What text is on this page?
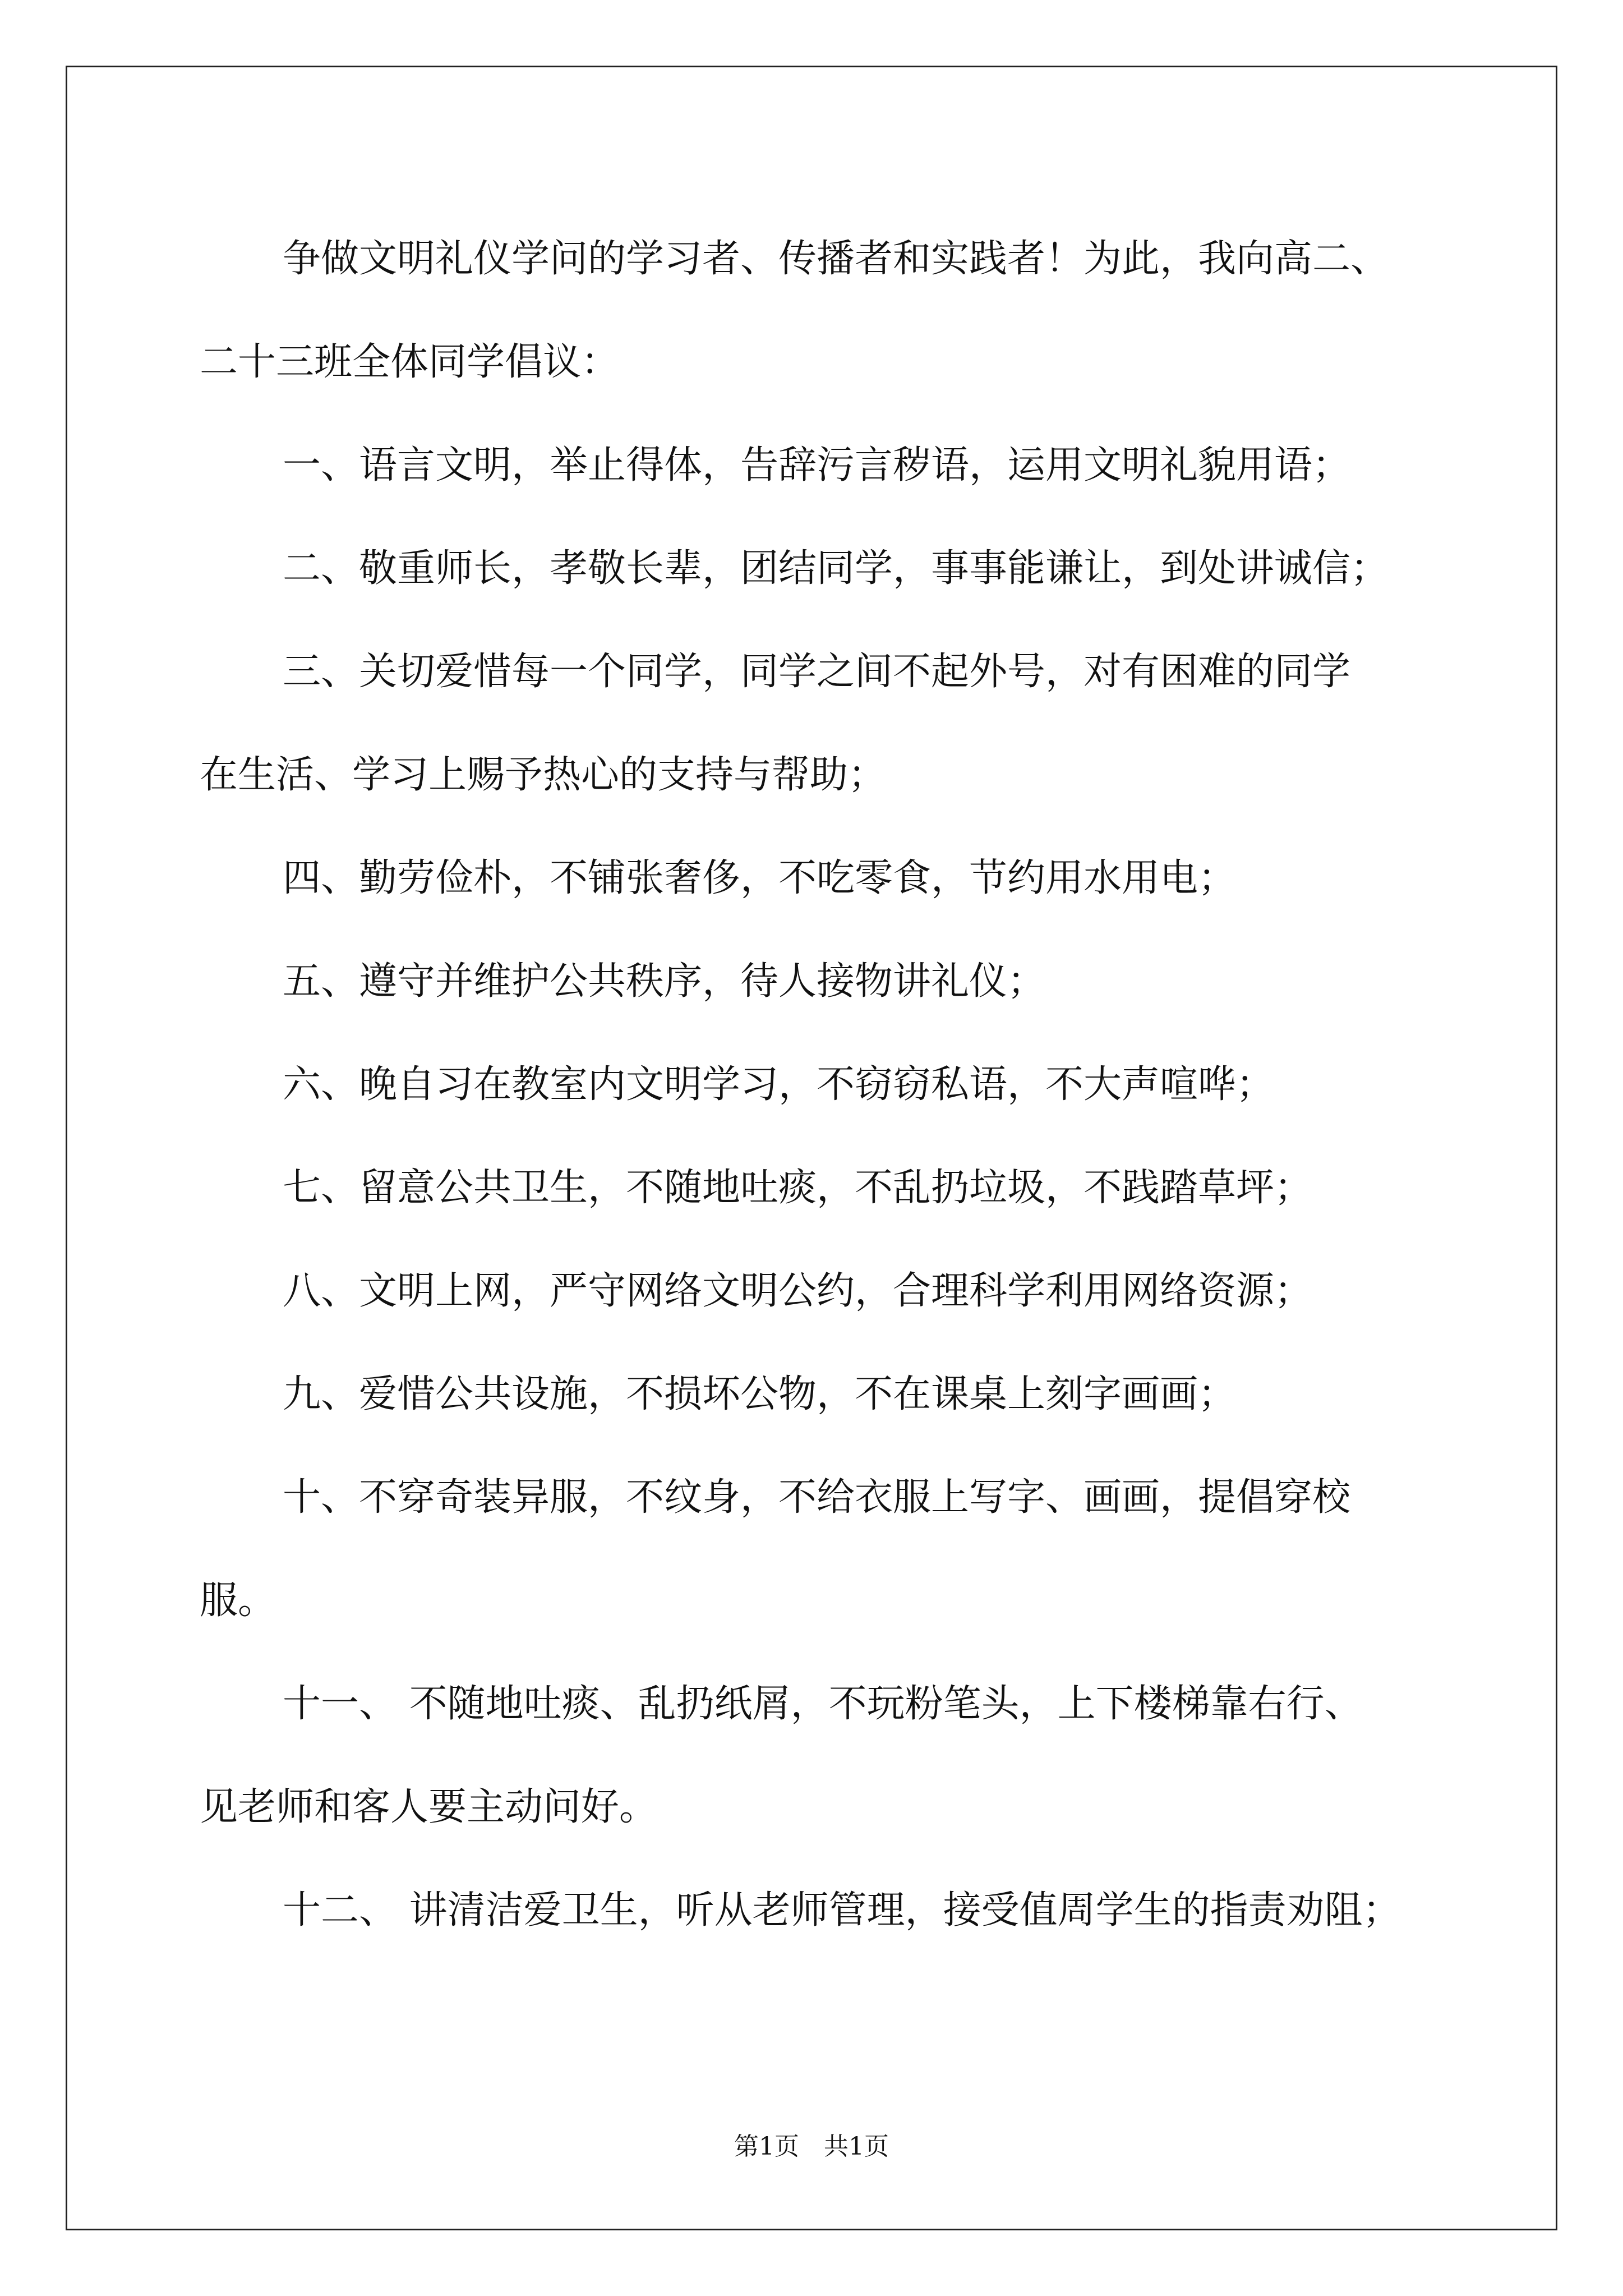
争做文明礼仪学问的学习者、传播者和实践者！为此，我向高二、
二十三班全体同学倡议：
一、语言文明，举止得体，告辞污言秽语，运用文明礼貌用语；
二、敬重师长，孝敬长辈，团结同学，事事能谦让，到处讲诚信；
三、关切爱惜每一个同学，同学之间不起外号，对有困难的同学
在生活、学习上赐予热心的支持与帮助；
四、勤劳俭朴，不铺张奢侈，不吃零食，节约用水用电；
五、遵守并维护公共秩序，待人接物讲礼仪；
六、晚自习在教室内文明学习，不窃窃私语，不大声喧哗；
七、留意公共卫生，不随地吐痰，不乱扔垃圾，不践踏草坪；
八、文明上网，严守网络文明公约，合理科学利用网络资源；
九、爱惜公共设施，不损坏公物，不在课桌上刻字画画；
十、不穿奇装异服，不纹身，不给衣服上写字、画画，提倡穿校
服。
十一、 不随地吐痰、乱扔纸屑，不玩粉笔头，上下楼梯靠右行、
见老师和客人要主动问好。
十二、 讲清洁爱卫生，听从老师管理，接受值周学生的指责劝阻；
第1页　共1页
